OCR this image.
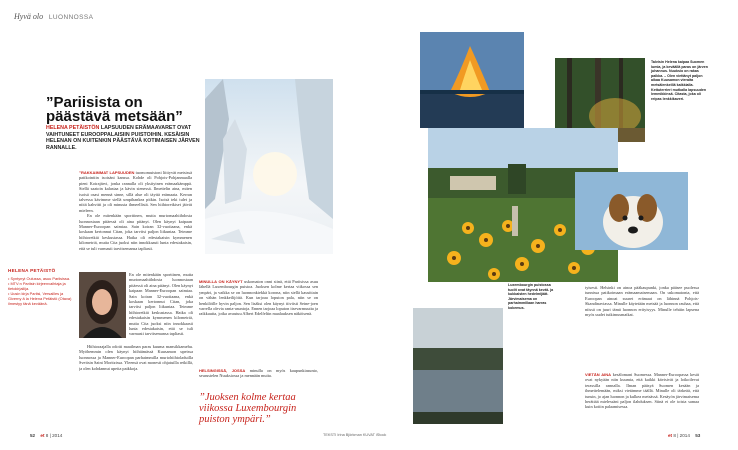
Hyvä olo LUONNOSSA
”Pariisista on päästävä metsään”
HELENA PETÄISTÖN LAPSUUDEN ERÄMAAVARET OVAT VAIHTUNEET EUROOPPALAISIIN PUISTOIHIN. KESÄISIN HELENAN ON KUITENKIN PÄÄSTÄVÄ KOTIMAISEN JÄRVEN RANNALLE.
”RAKKAIMMAT LAPSUUDEN tuomomuistoni liittyvät metsissä patikointiin isoisäni kanssa. Kohde oli Pohjois-Pohjanmaalla pieni Koirajärvi, jonka rannalla oli yksityinen erämaakämppä. Siellä saatoin kalastaa ja kävin sienessä. Ilmettelin aina, miten isoisä osasi mennä sinne, sillä alue oli täyttä erämaata. Kerran talvessa kävimme siellä umpihankea pitkin. Isoisä teki tulet ja niitä kahvitti ja oli minusta ihmeellistä. Sen hiihtoretkiset jäivät mieleen.
En ole mitenkään sporttinen, mutta murtomaahiihdosta luonnostaan pitäessä oli aina pitänyt. Olen käynyt kaipaan Manner-Euroopan saimiaa. Sain koiran 32-vuotiaana, enkä koskaan kertonnut Citan, joka tarvitsi paljon liikuntaa. Teimme hiihtoretkiä keskustassa. Hatka oli edestakaisin kymmenen kilometriä, mutta Cita juoksi niin innokkaasti lunta edestakaisin, että se tuli varmasti tarvitsemansa tapliasti.
HELENA PETÄISTÖ
• Syntynyt Oulussa, asuu Pariisissa.
• MTV:n Pariisin kirjeenvaihtaja ja tietokirjailija.
• Uusin kirja Pariisi, Versailles ja Giverny ä la Helena Petäistö (Otava) ilmestyy tänä keväänä.
En ole mitenkään sporttinen, mutta murtomaahiihdosta luonnostaan pitäessä oli aina pitänyt. Olen käynyt kaipaan Manner-Euroopan saimiaa. Sain koiran 32-vuotiaana, enkä koskaan kertonnut Citan, joka tarvitsi paljon liikuntaa. Teimme hiihtoretkiä keskustassa. Hatka oli edestakaisin kymmenen kilometriä, mutta Cita juoksi niin innokkaasti lunta edestakaisin, että se tuli varmasti tarvitsemansa tapliasti.
Hiihtoraajalla odotti maailman paras kuuma mansikkamehu. Myöhemmin olen käynyt hiihtämässä Kuusamon upeissa luonnossa ja Manner-Euroopan parhaimmilla murtohiihtoladuilla Sveitsin Saint Moritzissa. Yleensä ovat monesti ohjatuilla retkillä, ja olen kohdannut upeita paikkoja.
MINULLA ON KÄYNYT uskomaton onni siinä, että Pariisissa asuu lähellä Luxembourgin puistoa. Juoksen kolme kertaa viikossa sen ympäri, ja vaikka se on luonnonkiekkä korona, niin siellä kausittain on vähän lenkkeilijöitä. Kun tarjoaa loputon pala, niin se on henkilöille hyvin paljon. Sen lisäksi olen käynyt tiiviisti Seine-joen varrella olevia ranta-asuntoja. Ennen tarjoaa loputon itsevarmuutta ja raikkautta, jotka avautuu Albert Edelfeltin maalauksen näköisenä.
HELSINGISSÄ, JOSSA minulla on myös kaupunkiasunto, seurustelen Nuuksiossa ja mennään muita.
”Juoksen kolme kertaa viikossa Luxembourgin puiston ympäri.”
52 et 8 | 2014
Talvisin Helena kaipaa Suomen lumia, ja keväällä paras on järven juhannus. Nuuksio on rakas paikka. – Olen viettänyt paljon aikaa Kuusamon vieraita metsälenkeillä kaikkialla. Kettuterrieri mutkalla lapsuuden lemmikkinsä. Citasta, joka oli reipas lenkkikaveri.
Luxembourgin puistossa tuolit ovat täynnä kevät- ja kukkaisten hedelmijäät. Järvimaisema on parhaimmillaan harras kokemus.
tyisesti. Helsinki on ainoa pääkaupunki, jonka pääsee puolessa tunnissa patikoimaan erämaamaisemaan. On uskomatonta, että Euroopan ainoat suuret erämaat on lähinnä Pohjois-Skandinaviassa. Minulle käytetään metsää ja luonnon rauhaa, että niissä on juuri tämä luonnon erityisyys. Minulle tehtiin lapsena myös uudet tutkimusmatkat.
VIETÄN AINA kesälomani Suomessa. Manner-Euroopassa kesät ovat nykyään niin kuumia, että kaikki kävisivät ja loikoilevat terassilla rannalla. Ilman pääsyä Suomen kesään ja ihmettelemään, miksi vietämme täällä. Minulle oli tärkeää, että tunsin, jo ajan luonnon ja kulkea metsässä. Kesäyön järvimaisema herättää mielessäni paljon ilahduksen. Siinä ei ole toista samaa kuin kotiin palaamisessa.
TEKSTI Irina Björkman KUVAT iStock	et 8 | 2014 53
